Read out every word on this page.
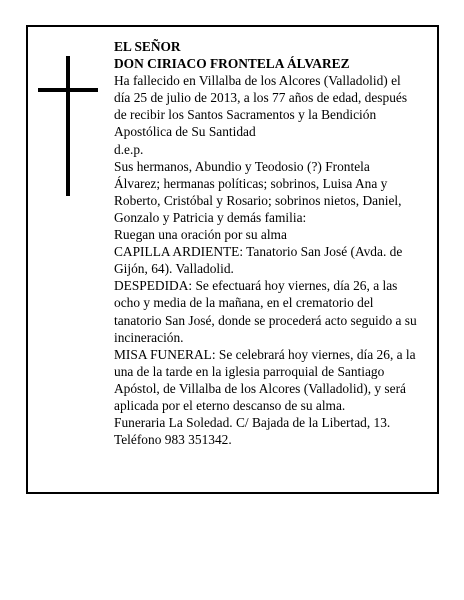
EL SEÑOR

DON CIRIACO FRONTELA ÁLVAREZ

Ha fallecido en Villalba de los Alcores (Valladolid) el día 25 de julio de 2013, a los 77 años de edad, después de recibir los Santos Sacramentos y la Bendición Apostólica de Su Santidad

d.e.p.

Sus hermanos, Abundio y Teodosio (?) Frontela Álvarez; hermanas políticas; sobrinos, Luisa Ana y Roberto, Cristóbal y Rosario; sobrinos nietos, Daniel, Gonzalo y Patricia y demás familia:

Ruegan una oración por su alma

CAPILLA ARDIENTE: Tanatorio San José (Avda. de Gijón, 64). Valladolid.

DESPEDIDA: Se efectuará hoy viernes, día 26, a las ocho y media de la mañana, en el crematorio del tanatorio San José, donde se procederá acto seguido a su incineración.

MISA FUNERAL: Se celebrará hoy viernes, día 26, a la una de la tarde en la iglesia parroquial de Santiago Apóstol, de Villalba de los Alcores (Valladolid), y será aplicada por el eterno descanso de su alma.

Funeraria La Soledad. C/ Bajada de la Libertad, 13. Teléfono 983 351342.
